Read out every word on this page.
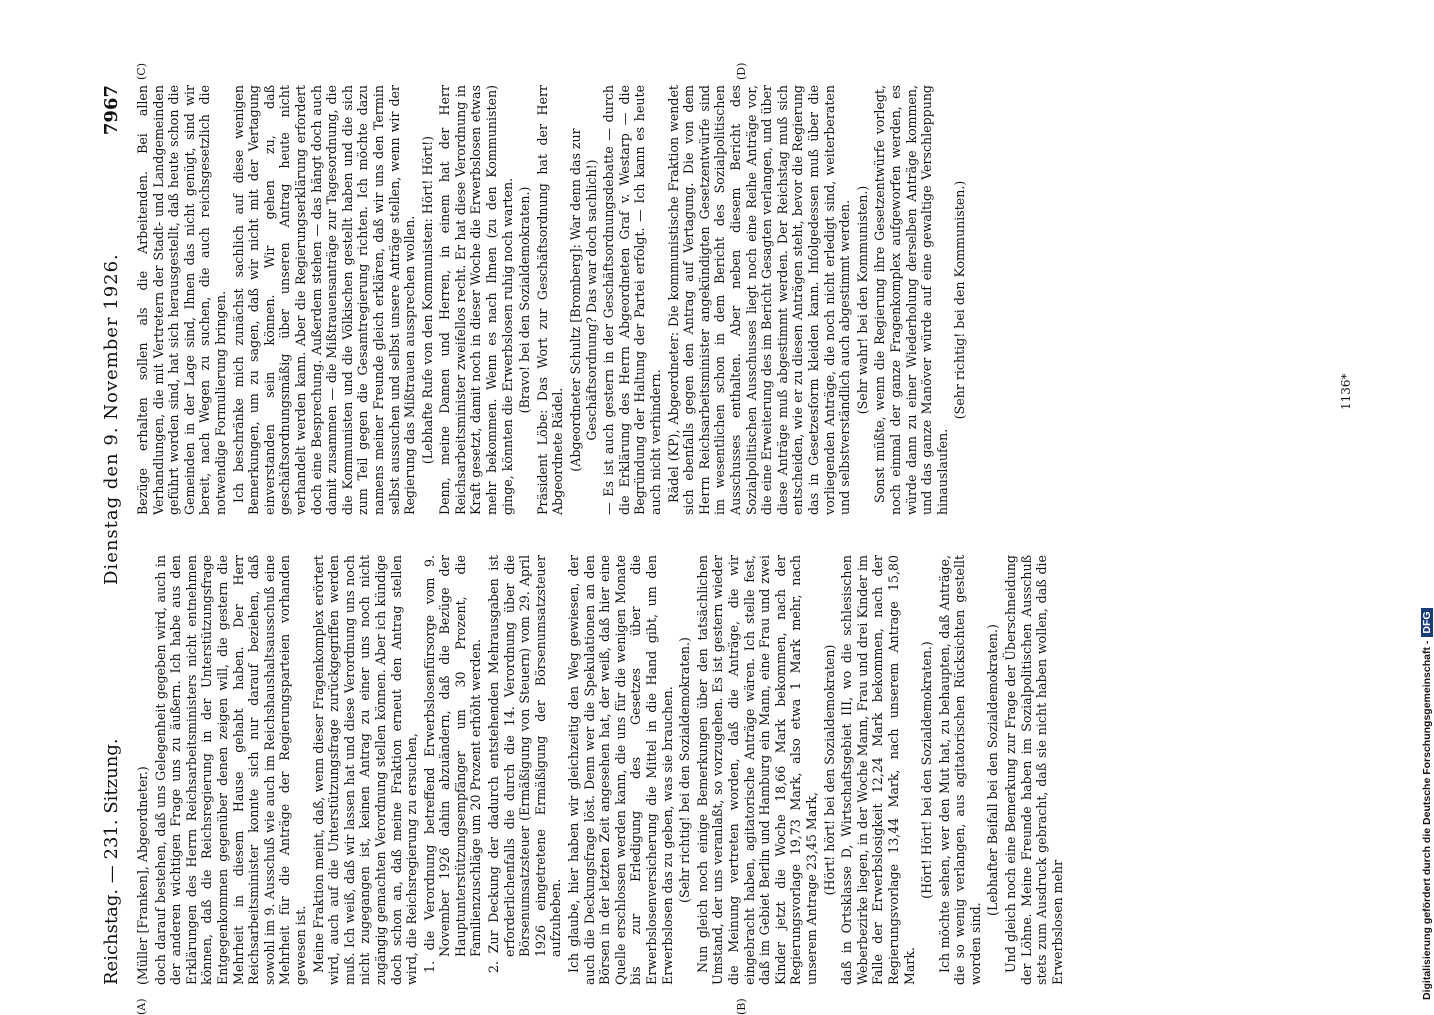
Reichstag. — 231. Sitzung.
Dienstag den 9. November 1926.
7967
(A)	(B)
(C)	(D)

(Müller [Franken], Abgeordneter.) doch darauf bestehen, daß uns Gelegenheit gegeben wird, auch in der anderen wichtigen Frage uns zu äußern. Ich habe aus den Erklärungen des Herrn Reichsarbeitsministers nicht entnehmen können, daß die Reichsregierung in der Unterstützungsfrage Entgegenkommen gegenüber denen zeigen will, die gestern die Mehrheit in diesem Hause gehabt haben. Der Herr Reichsarbeitsminister konnte sich nur darauf beziehen, daß sowohl im 9. Ausschuß wie auch im Reichshaushaltsausschuß eine Mehrheit für die Anträge der Regierungsparteien vorhanden gewesen ist. Meine Fraktion meint, daß, wenn dieser Fragenkomplex erörtert wird, auch auf die Unterstützungsfrage zurückgegriffen werden muß. Ich weiß, daß wir lassen hat und diese Verordnung uns noch nicht zugegangen ist, keinen Antrag zu einer uns noch nicht zugängig gemachten Verordnung stellen können. Aber ich kündige doch schon an, daß meine Fraktion erneut den Antrag stellen wird, die Reichsregierung zu ersuchen, 1. die Verordnung betreffend Erwerbslosenfürsorge vom 9. November 1926 dahin abzuändern, daß die Bezüge der Hauptunterstützungsempfänger um 30 Prozent, die Familienzuschläge um 20 Prozent erhöht werden. 2. Zur Deckung der dadurch entstehenden Mehrausgaben ist erforderlichenfalls die durch die 14. Verordnung über die Börsenumsatzsteuer (Ermäßigung von Steuern) vom 29. April 1926 eingetretene Ermäßigung der Börsenumsatzsteuer aufzuheben. Ich glaube, hier haben wir gleichzeitig den Weg gewiesen, der auch die Deckungsfrage löst. Denn wer die Spekulationen an den Börsen in der letzten Zeit angesehen hat, der weiß, daß hier eine Quelle erschlossen werden kann, die uns für die wenigen Monate bis zur Erledigung des Gesetzes über die Erwerbslosenversicherung die Mittel in die Hand gibt, um den Erwerbslosen das zu geben, was sie brauchen. (Sehr richtig! bei den Sozialdemokraten.) Nun gleich noch einige Bemerkungen über den tatsächlichen Umstand, der uns veranlaßt, so vorzugehen. Es ist gestern wieder die Meinung vertreten worden, daß die Anträge, die wir eingebracht haben, agitatorische Anträge wären. Ich stelle fest, daß im Gebiet Berlin und Hamburg ein Mann, eine Frau und zwei Kinder jetzt die Woche 18,66 Mark bekommen, nach der Regierungsvorlage 19,73 Mark, also etwa 1 Mark mehr, nach unserem Antrage 23,45 Mark, (Hört! hört! bei den Sozialdemokraten) daß in Ortsklasse D, Wirtschaftsgebiet III, wo die schlesischen Weberbezirke liegen, in der Woche Mann, Frau und drei Kinder im Falle der Erwerbslosigkeit 12,24 Mark bekommen, nach der Regierungsvorlage 13,44 Mark, nach unserem Antrage 15,80 Mark.

(Hört! Hört! bei den Sozialdemokraten.) Ich möchte sehen, wer den Mut hat, zu behaupten, daß Anträge, die so wenig verlangen, aus agitatorischen Rücksichten gestellt worden sind.

(Lebhafter Beifall bei den Sozialdemokraten.) Und gleich noch eine Bemerkung zur Frage der Überschneidung der Löhne. Meine Freunde haben im Sozialpolitischen Ausschuß stets zum Ausdruck gebracht, daß sie nicht haben wollen, daß die Erwerbslosen mehr

Bezüge erhalten sollen als die Arbeitenden. Bei allen Verhandlungen, die mit Vertretern der Stadt- und Landgemeinden geführt worden sind, hat sich herausgestellt, daß heute schon die Gemeinden in der Lage sind, Ihnen das nicht genügt, sind wir bereit, nach Wegen zu suchen, die auch reichsgesetzlich die notwendige Formulierung bringen. Ich beschränke mich zunächst sachlich auf diese wenigen Bemerkungen, um zu sagen, daß wir nicht mit der Vertagung einverstanden sein können. Wir gehen zu, daß geschäftsordnungsmäßig über unseren Antrag heute nicht verhandelt werden kann. Aber die Regierungserklärung erfordert doch eine Besprechung. Außerdem stehen — das hängt doch auch damit zusammen — die Mißtrauensanträge zur Tagesordnung, die die Kommunisten und die Völkischen gestellt haben und die sich zum Teil gegen die Gesamtregierung richten. Ich möchte dazu namens meiner Freunde gleich erklären, daß wir uns den Termin selbst aussuchen und selbst unsere Anträge stellen, wenn wir der Regierung das Mißtrauen aussprechen wollen. (Lebhafte Rufe von den Kommunisten: Hört! Hört!) Denn, meine Damen und Herren, in einem hat der Herr Reichsarbeitsminister zweifellos recht. Er hat diese Verordnung in Kraft gesetzt, damit noch in dieser Woche die Erwerbslosen etwas mehr bekommen. Wenn es nach Ihnen (zu den Kommunisten) ginge, könnten die Erwerbslosen ruhig noch warten. (Bravo! bei den Sozialdemokraten.) Präsident Löbe: Das Wort zur Geschäftsordnung hat der Herr Abgeordnete Rädel. (Abgeordneter Schultz [Bromberg]: War denn das zur Geschäftsordnung? Das war doch sachlich!) — Es ist auch gestern in der Geschäftsordnungsdebatte — durch die Erklärung des Herrn Abgeordneten Graf v. Westarp — die Begründung der Haltung der Partei erfolgt. — Ich kann es heute auch nicht verhindern. Rädel (KP), Abgeordneter: Die kommunistische Fraktion wendet sich ebenfalls gegen den Antrag auf Vertagung. Die von dem Herrn Reichsarbeitsminister angekündigten Gesetzentwürfe sind im wesentlichen schon in dem Bericht des Sozialpolitischen Ausschusses enthalten. Aber neben diesem Bericht des Sozialpolitischen Ausschusses liegt noch eine Reihe Anträge vor, die eine Erweiterung des im Bericht Gesagten verlangen, und über diese Anträge muß abgestimmt werden. Der Reichstag muß sich entscheiden, wie er zu diesen Anträgen steht, bevor die Regierung das in Gesetzesform kleiden kann. Infolgedessen muß über die vorliegenden Anträge, die noch nicht erledigt sind, weiterberaten und selbstverständlich auch abgestimmt werden. (Sehr wahr! bei den Kommunisten.) Sonst müßte, wenn die Regierung ihre Gesetzentwürfe vorlegt, noch einmal der ganze Fragenkomplex aufgeworfen werden, es würde dann zu einer Wiederholung derselben Anträge kommen, und das ganze Manöver würde auf eine gewaltige Verschleppung hinauslaufen.

(Sehr richtig! bei den Kommunisten.)	1136*
Digitalisierung gefördert durch die Deutsche Forschungsgemeinschaft -DFG
